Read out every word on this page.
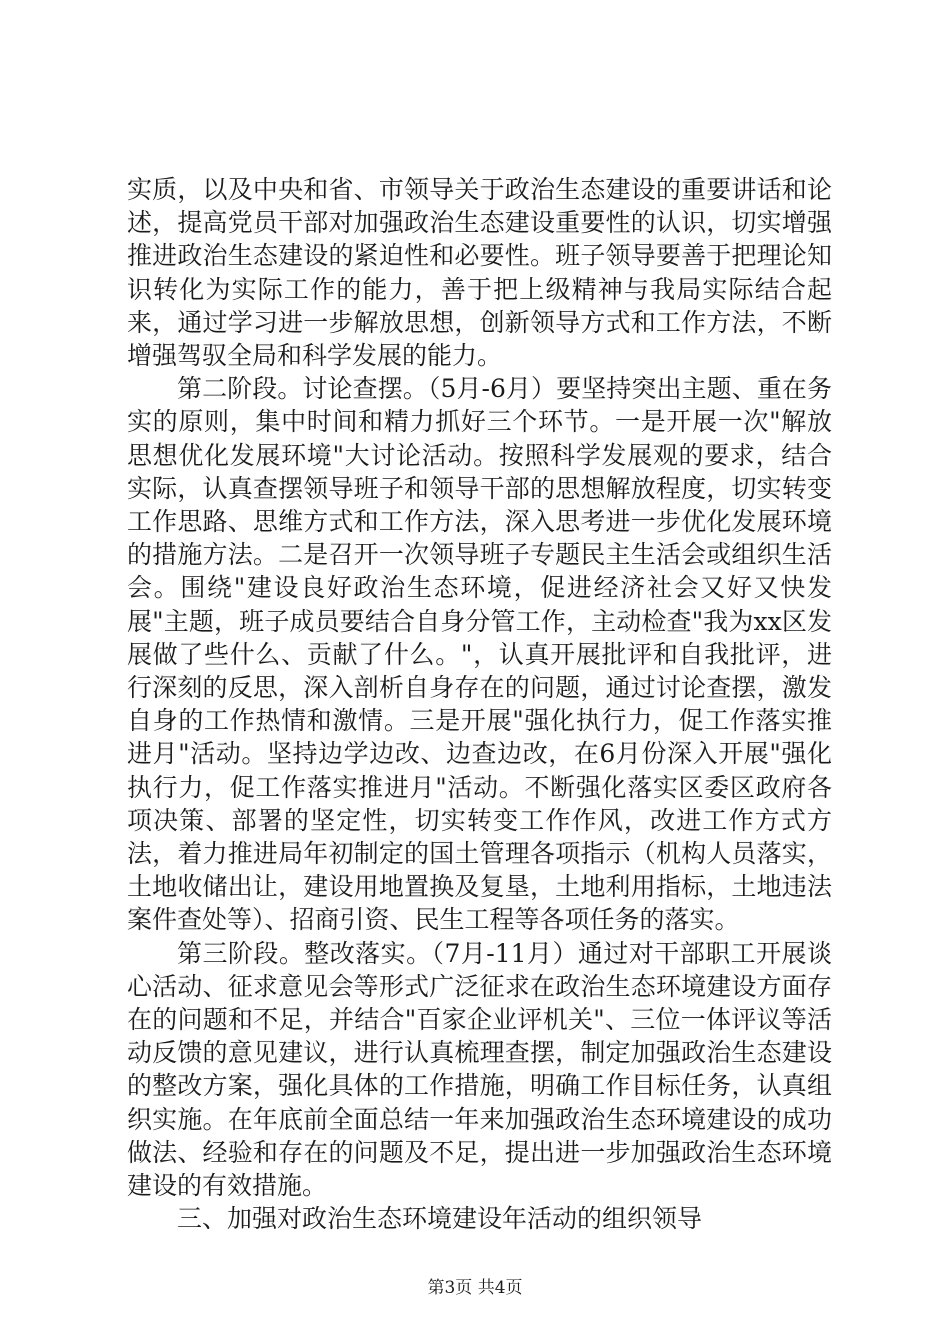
实质，以及中央和省、市领导关于政治生态建设的重要讲话和论述，提高党员干部对加强政治生态建设重要性的认识，切实增强推进政治生态建设的紧迫性和必要性。班子领导要善于把理论知识转化为实际工作的能力，善于把上级精神与我局实际结合起来，通过学习进一步解放思想，创新领导方式和工作方法，不断增强驾驭全局和科学发展的能力。

第二阶段。讨论查摆。（5月-6月）要坚持突出主题、重在务实的原则，集中时间和精力抓好三个环节。一是开展一次"解放思想优化发展环境"大讨论活动。按照科学发展观的要求，结合实际，认真查摆领导班子和领导干部的思想解放程度，切实转变工作思路、思维方式和工作方法，深入思考进一步优化发展环境的措施方法。二是召开一次领导班子专题民主生活会或组织生活会。围绕"建设良好政治生态环境，促进经济社会又好又快发展"主题，班子成员要结合自身分管工作，主动检查"我为xx区发展做了些什么、贡献了什么。"，认真开展批评和自我批评，进行深刻的反思，深入剖析自身存在的问题，通过讨论查摆，激发自身的工作热情和激情。三是开展"强化执行力，促工作落实推进月"活动。坚持边学边改、边查边改，在6月份深入开展"强化执行力，促工作落实推进月"活动。不断强化落实区委区政府各项决策、部署的坚定性，切实转变工作作风，改进工作方式方法，着力推进局年初制定的国土管理各项指示（机构人员落实，土地收储出让，建设用地置换及复垦，土地利用指标，土地违法案件查处等）、招商引资、民生工程等各项任务的落实。

第三阶段。整改落实。（7月-11月）通过对干部职工开展谈心活动、征求意见会等形式广泛征求在政治生态环境建设方面存在的问题和不足，并结合"百家企业评机关"、三位一体评议等活动反馈的意见建议，进行认真梳理查摆，制定加强政治生态建设的整改方案，强化具体的工作措施，明确工作目标任务，认真组织实施。在年底前全面总结一年来加强政治生态环境建设的成功做法、经验和存在的问题及不足，提出进一步加强政治生态环境建设的有效措施。

三、加强对政治生态环境建设年活动的组织领导

第3页 共4页
